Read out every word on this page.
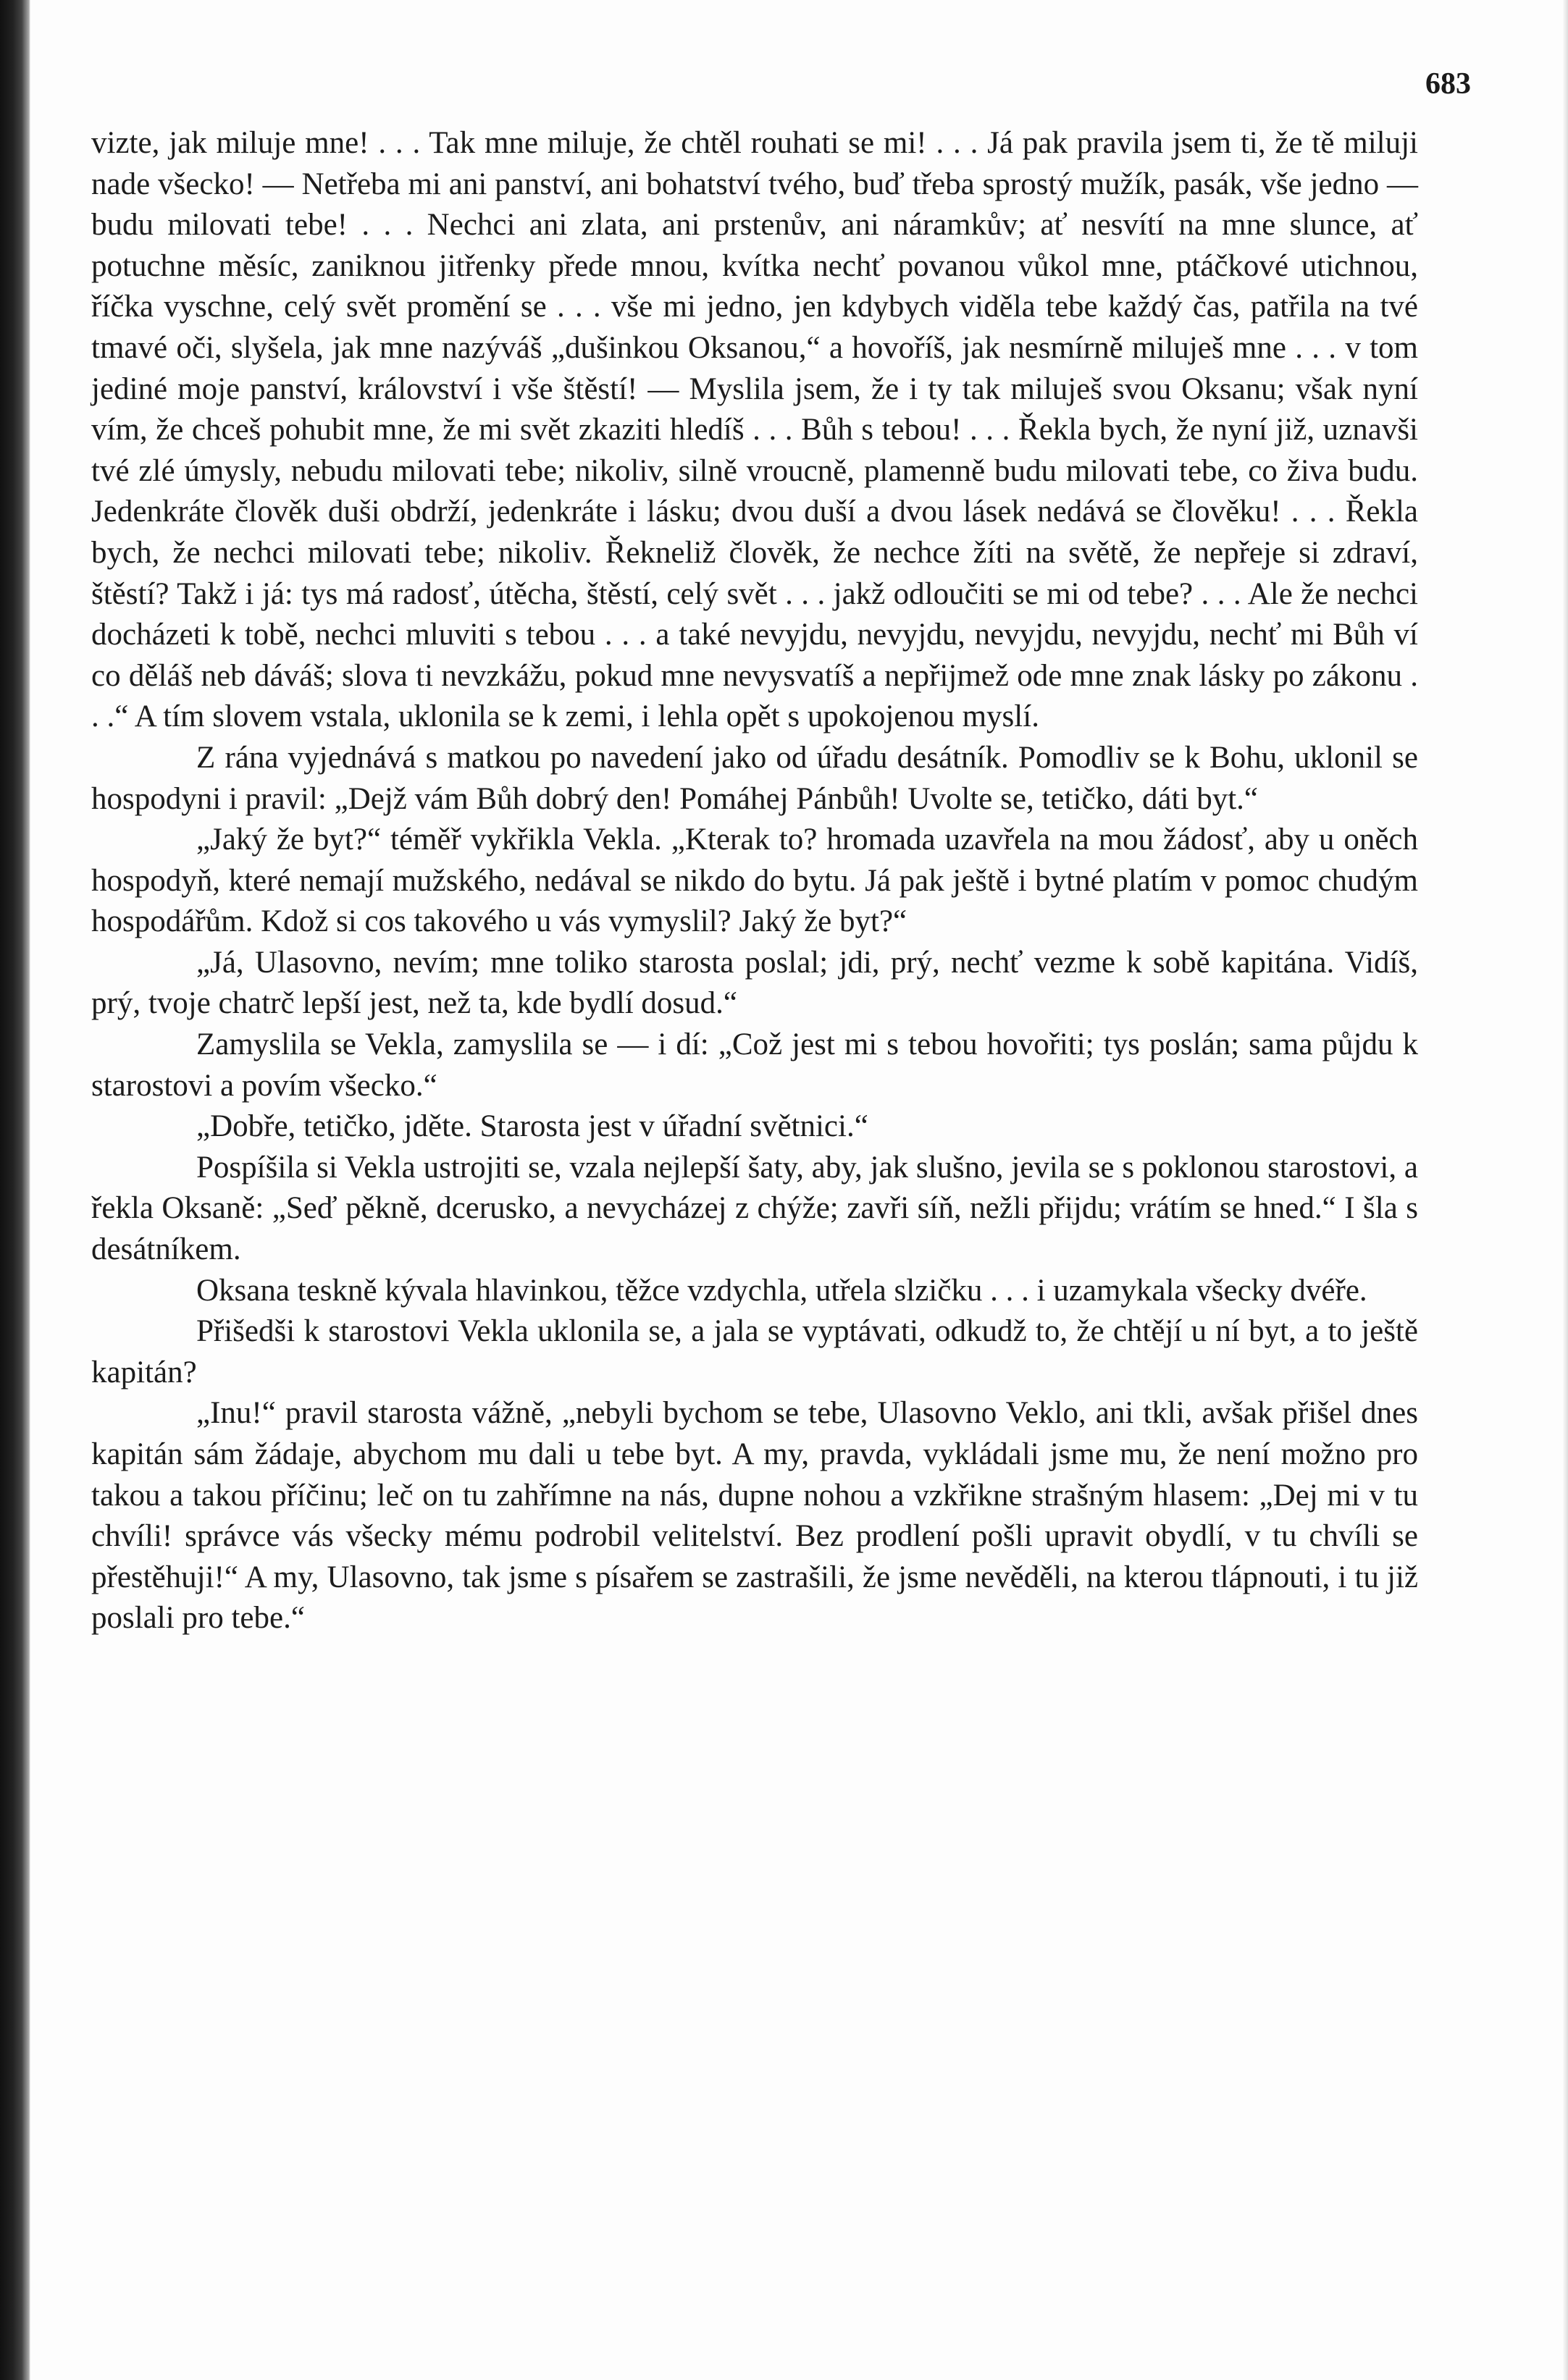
683

vizte, jak miluje mne! . . . Tak mne miluje, že chtěl rouhati se mi! . . . Já pak pravila jsem ti, že tě miluji nade všecko! — Netřeba mi ani panství, ani bohatství tvého, buď třeba sprostý mužík, pasák, vše jedno — budu milovati tebe! . . . Nechci ani zlata, ani prstenův, ani náramkův; ať nesvítí na mne slunce, ať potuchne měsíc, zaniknou jitřenky přede mnou, kvítka nechť povanou vůkol mne, ptáčkové utichnou, říčka vyschne, celý svět promění se . . . vše mi jedno, jen kdybych viděla tebe každý čas, patřila na tvé tmavé oči, slyšela, jak mne nazýváš „dušinkou Oksanou,“ a hovoříš, jak nesmírně miluješ mne . . . v tom jediné moje panství, království i vše štěstí! — Myslila jsem, že i ty tak miluješ svou Oksanu; však nyní vím, že chceš pohubit mne, že mi svět zkaziti hledíš . . . Bůh s tebou! . . . Řekla bych, že nyní již, uznavši tvé zlé úmysly, nebudu milovati tebe; nikoliv, silně vroucně, plamenně budu milovati tebe, co živa budu. Jedenkráte člověk duši obdrží, jedenkráte i lásku; dvou duší a dvou lásek nedává se člověku! . . . Řekla bych, že nechci milovati tebe; nikoliv. Řekneliž člověk, že nechce žíti na světě, že nepřeje si zdraví, štěstí? Takž i já: tys má radosť, útěcha, štěstí, celý svět . . . jakž odloučiti se mi od tebe? . . . Ale že nechci docházeti k tobě, nechci mluviti s tebou . . . a také nevyjdu, nevyjdu, nevyjdu, nevyjdu, nechť mi Bůh ví co děláš neb dáváš; slova ti nevzkážu, pokud mne nevysvatíš a nepřijmež ode mne znak lásky po zákonu . . .“ A tím slovem vstala, uklonila se k zemi, i lehla opět s upokojenou myslí.

Z rána vyjednává s matkou po navedení jako od úřadu desátník. Pomodliv se k Bohu, uklonil se hospodyni i pravil: „Dejž vám Bůh dobrý den! Pomáhej Pánbůh! Uvolte se, tetičko, dáti byt.“

„Jaký že byt?“ téměř vykřikla Vekla. „Kterak to? hromada uzavřela na mou žádosť, aby u oněch hospodyň, které nemají mužského, nedával se nikdo do bytu. Já pak ještě i bytné platím v pomoc chudým hospodářům. Kdož si cos takového u vás vymyslil? Jaký že byt?“

„Já, Ulasovno, nevím; mne toliko starosta poslal; jdi, prý, nechť vezme k sobě kapitána. Vidíš, prý, tvoje chatrč lepší jest, než ta, kde bydlí dosud.“

Zamyslila se Vekla, zamyslila se — i dí: „Což jest mi s tebou hovořiti; tys poslán; sama půjdu k starostovi a povím všecko.“

„Dobře, tetičko, jděte. Starosta jest v úřadní světnici.“

Pospíšila si Vekla ustrojiti se, vzala nejlepší šaty, aby, jak slušno, jevila se s poklonou starostovi, a řekla Oksaně: „Seď pěkně, dcerusko, a nevycházej z chýže; zavři síň, nežli přijdu; vrátím se hned.“ I šla s desátníkem.

Oksana teskně kývala hlavinkou, těžce vzdychla, utřela slzičku . . . i uzamykala všecky dvéře.

Přišedši k starostovi Vekla uklonila se, a jala se vyptávati, odkudž to, že chtějí u ní byt, a to ještě kapitán?

„Inu!“ pravil starosta vážně, „nebyli bychom se tebe, Ulasovno Veklo, ani tkli, avšak přišel dnes kapitán sám žádaje, abychom mu dali u tebe byt. A my, pravda, vykládali jsme mu, že není možno pro takou a takou příčinu; leč on tu zahřímne na nás, dupne nohou a vzkřikne strašným hlasem: „Dej mi v tu chvíli! správce vás všecky mému podrobil velitelství. Bez prodlení pošli upravit obydlí, v tu chvíli se přestěhuji!“ A my, Ulasovno, tak jsme s písařem se zastrašili, že jsme nevěděli, na kterou tlápnouti, i tu již poslali pro tebe.“
